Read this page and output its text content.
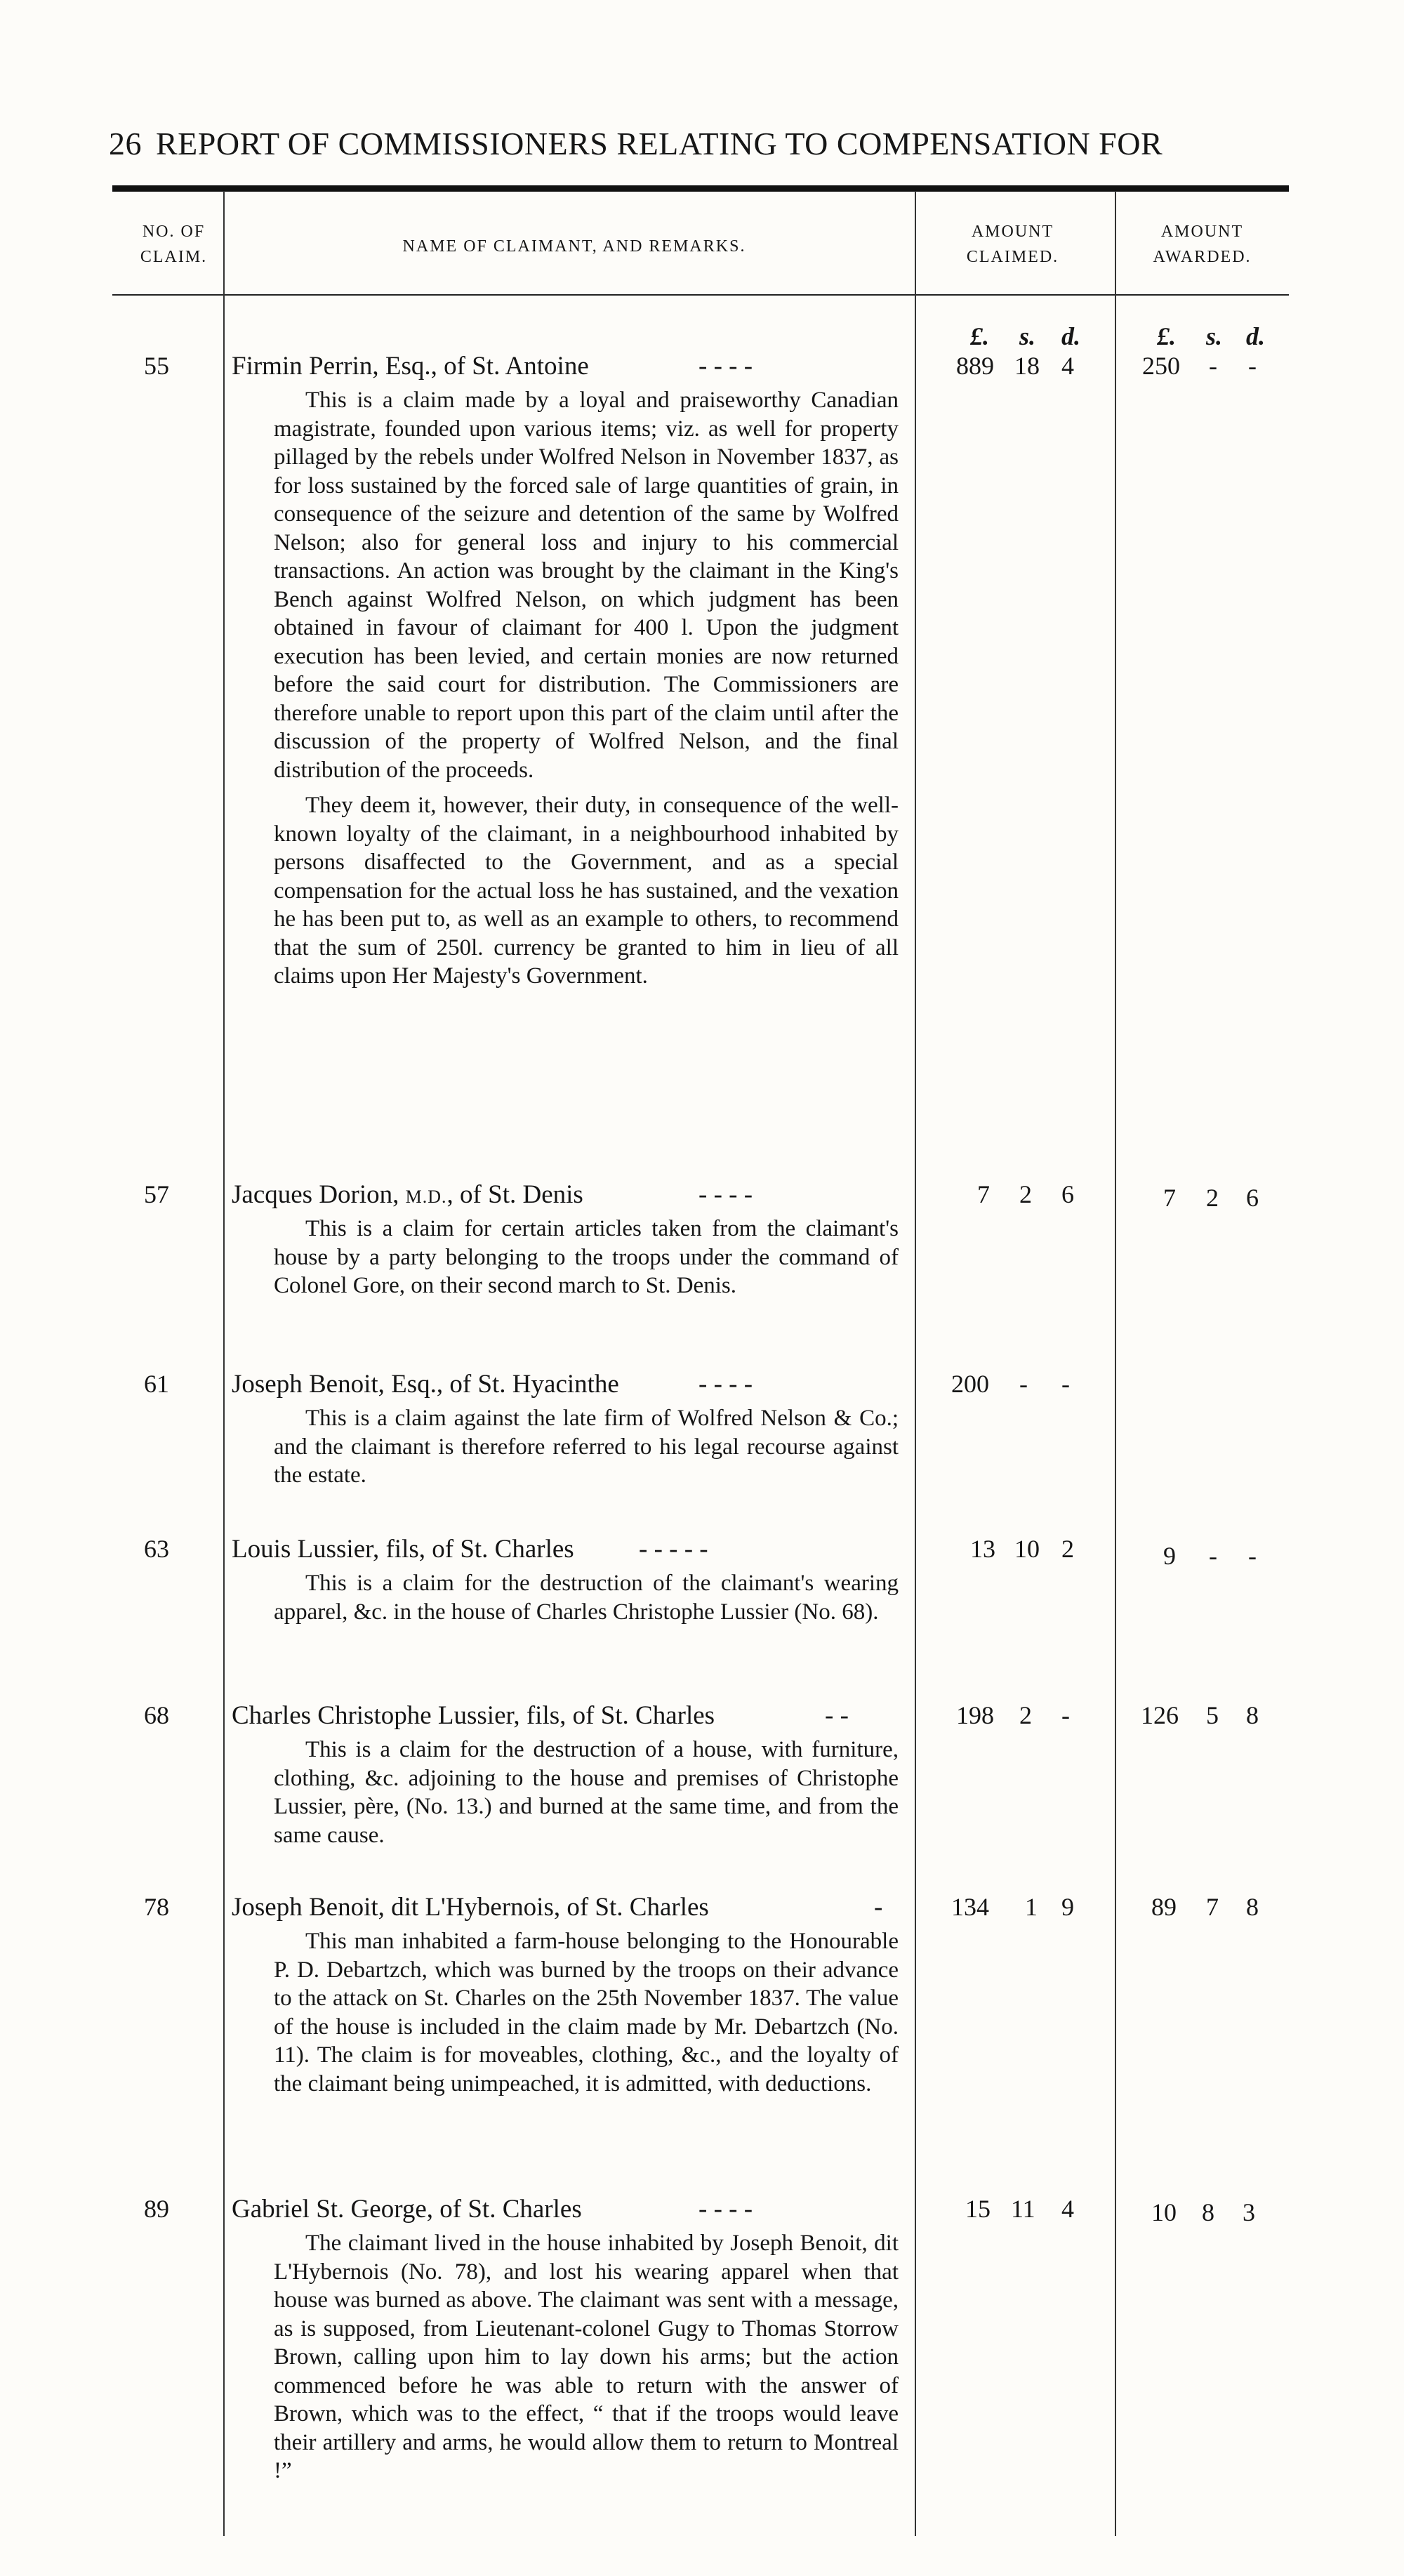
26 REPORT OF COMMISSIONERS RELATING TO COMPENSATION FOR
NO. OF
CLAIM.
NAME OF CLAIMANT, AND REMARKS.
AMOUNT
CLAIMED.
AMOUNT
AWARDED.
£. s. d.	£. s. d.
55 Firmin Perrin, Esq., of St. Antoine	- - - -	889 18 4	250 - -

This is a claim made by a loyal and praiseworthy Canadian magistrate, founded upon various items; viz. as well for property pillaged by the rebels under Wolfred Nelson in November 1837, as for loss sustained by the forced sale of large quantities of grain, in consequence of the seizure and detention of the same by Wolfred Nelson; also for general loss and injury to his commercial transactions. An action was brought by the claimant in the King's Bench against Wolfred Nelson, on which judgment has been obtained in favour of claimant for 400 l. Upon the judgment execution has been levied, and certain monies are now returned before the said court for distribution. The Commissioners are therefore unable to report upon this part of the claim until after the discussion of the property of Wolfred Nelson, and the final distribution of the proceeds.

They deem it, however, their duty, in consequence of the well-known loyalty of the claimant, in a neighbourhood inhabited by persons disaffected to the Government, and as a special compensation for the actual loss he has sustained, and the vexation he has been put to, as well as an example to others, to recommend that the sum of 250l. currency be granted to him in lieu of all claims upon Her Majesty's Government.

57 Jacques Dorion, M.D., of St. Denis	- - - -	7 2 6	7 2 6

This is a claim for certain articles taken from the claimant's house by a party belonging to the troops under the command of Colonel Gore, on their second march to St. Denis.

61 Joseph Benoit, Esq., of St. Hyacinthe	- - - -	200 - -

This is a claim against the late firm of Wolfred Nelson & Co.; and the claimant is therefore referred to his legal recourse against the estate.

63 Louis Lussier, fils, of St. Charles - - - - -	13 10 2	9 - -

This is a claim for the destruction of the claimant's wearing apparel, &c. in the house of Charles Christophe Lussier (No. 68).

68 Charles Christophe Lussier, fils, of St. Charles	- -	198 2 -	126 5 8

This is a claim for the destruction of a house, with furniture, clothing, &c. adjoining to the house and premises of Christophe Lussier, père, (No. 13.) and burned at the same time, and from the same cause.

78 Joseph Benoit, dit L'Hybernois, of St. Charles	-	134 1 9	89 7 8

This man inhabited a farm-house belonging to the Honourable P. D. Debartzch, which was burned by the troops on their advance to the attack on St. Charles on the 25th November 1837. The value of the house is included in the claim made by Mr. Debartzch (No. 11). The claim is for moveables, clothing, &c., and the loyalty of the claimant being unimpeached, it is admitted, with deductions.

89 Gabriel St. George, of St. Charles	- - - -	15 11 4	10 8 3

The claimant lived in the house inhabited by Joseph Benoit, dit L'Hybernois (No. 78), and lost his wearing apparel when that house was burned as above. The claimant was sent with a message, as is supposed, from Lieutenant-colonel Gugy to Thomas Storrow Brown, calling upon him to lay down his arms; but the action commenced before he was able to return with the answer of Brown, which was to the effect, “ that if the troops would leave their artillery and arms, he would allow them to return to Montreal !”
